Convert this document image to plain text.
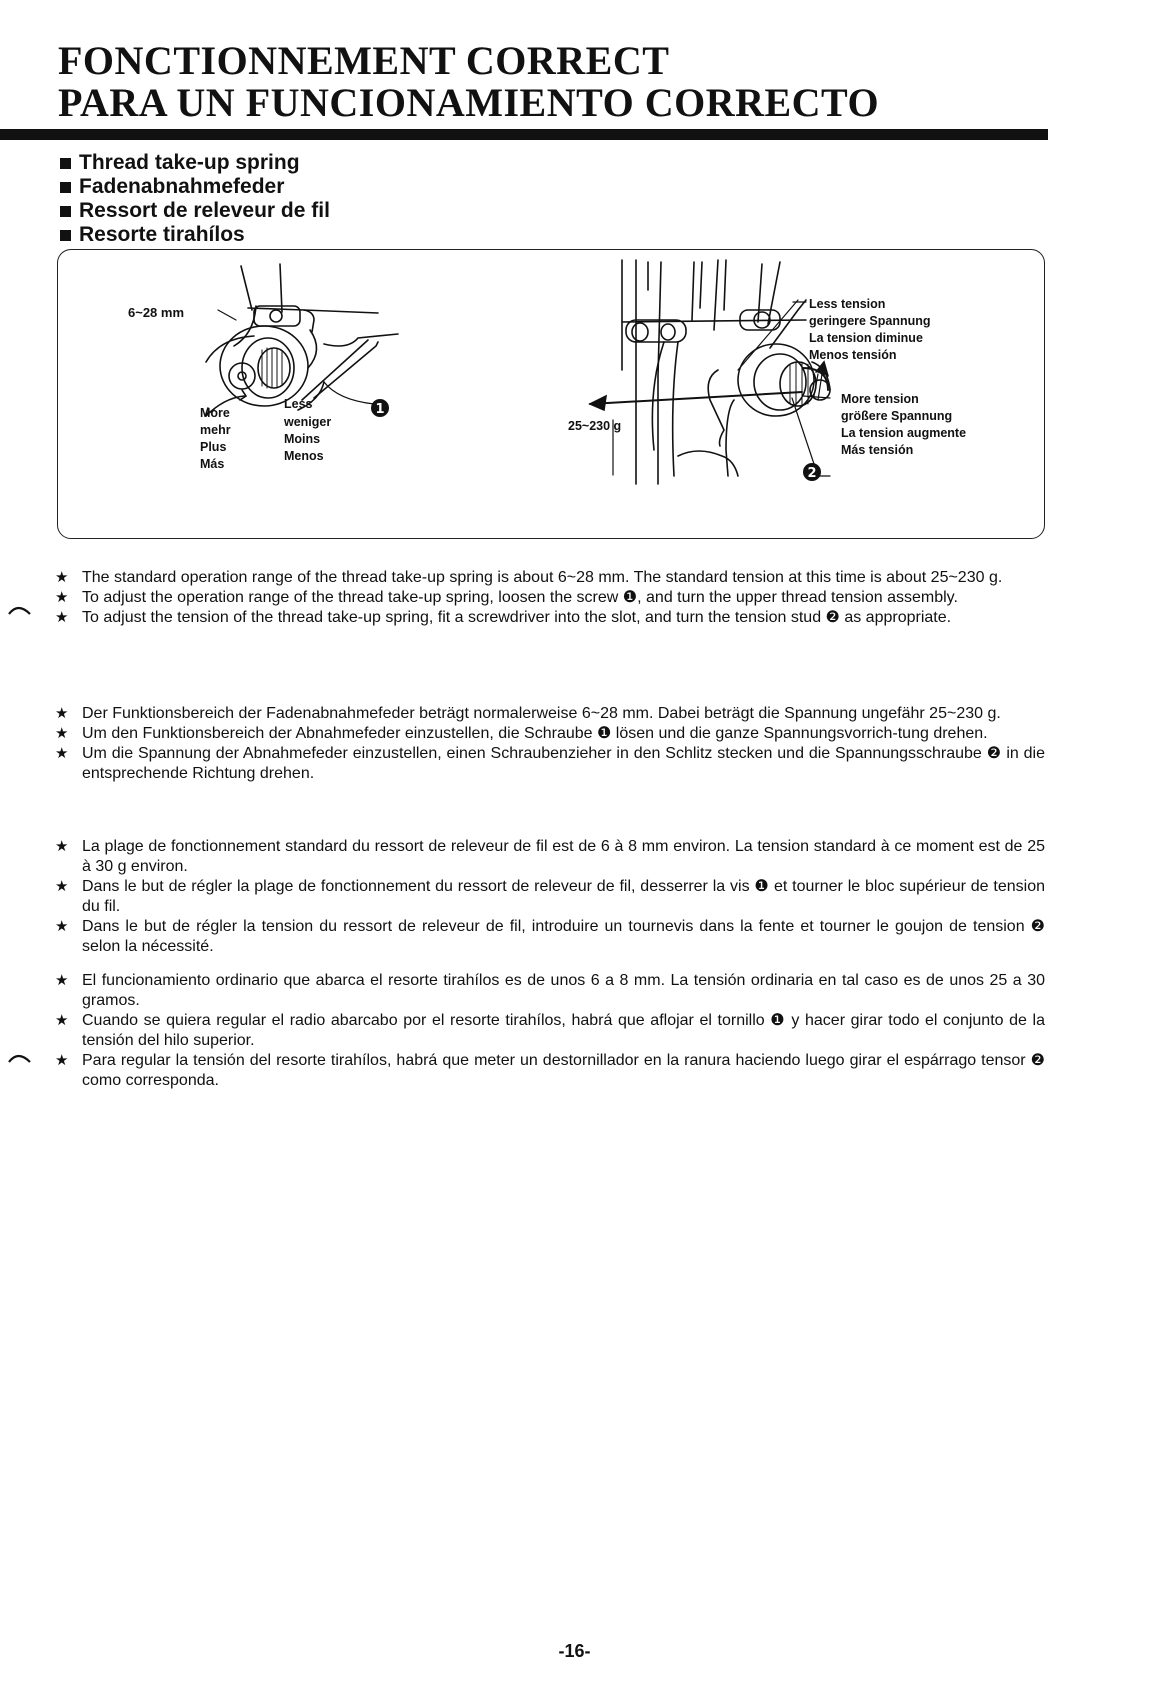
FONCTIONNEMENT CORRECT
PARA UN FUNCIONAMIENTO CORRECTO
Thread take-up spring
Fadenabnahmefeder
Ressort de releveur de fil
Resorte tirahílos
1
2
6~28 mm
Less
weniger
Moins
Menos
More
mehr
Plus
Más
25~230 g
Less tension
geringere Spannung
La tension diminue
Menos tensión
More tension
größere Spannung
La tension augmente
Más tensión
★ The standard operation range of the thread take-up spring is about 6~28 mm. The standard tension at this time is about 25~230 g.
★ To adjust the operation range of the thread take-up spring, loosen the screw ❶, and turn the upper thread tension assembly.
★ To adjust the tension of the thread take-up spring, fit a screwdriver into the slot, and turn the tension stud ❷ as appropriate.
★ Der Funktionsbereich der Fadenabnahmefeder beträgt normalerweise 6~28 mm. Dabei beträgt die Spannung ungefähr 25~230 g.
★ Um den Funktionsbereich der Abnahmefeder einzustellen, die Schraube ❶ lösen und die ganze Spannungsvorrich-tung drehen.
★ Um die Spannung der Abnahmefeder einzustellen, einen Schraubenzieher in den Schlitz stecken und die Spannungsschraube ❷ in die entsprechende Richtung drehen.
★ La plage de fonctionnement standard du ressort de releveur de fil est de 6 à 8 mm environ. La tension standard à ce moment est de 25 à 30 g environ.
★ Dans le but de régler la plage de fonctionnement du ressort de releveur de fil, desserrer la vis ❶ et tourner le bloc supérieur de tension du fil.
★ Dans le but de régler la tension du ressort de releveur de fil, introduire un tournevis dans la fente et tourner le goujon de tension ❷ selon la nécessité.
★ El funcionamiento ordinario que abarca el resorte tirahílos es de unos 6 a 8 mm. La tensión ordinaria en tal caso es de unos 25 a 30 gramos.
★ Cuando se quiera regular el radio abarcabo por el resorte tirahílos, habrá que aflojar el tornillo ❶ y hacer girar todo el conjunto de la tensión del hilo superior.
★ Para regular la tensión del resorte tirahílos, habrá que meter un destornillador en la ranura haciendo luego girar el espárrago tensor ❷ como corresponda.
-16-
